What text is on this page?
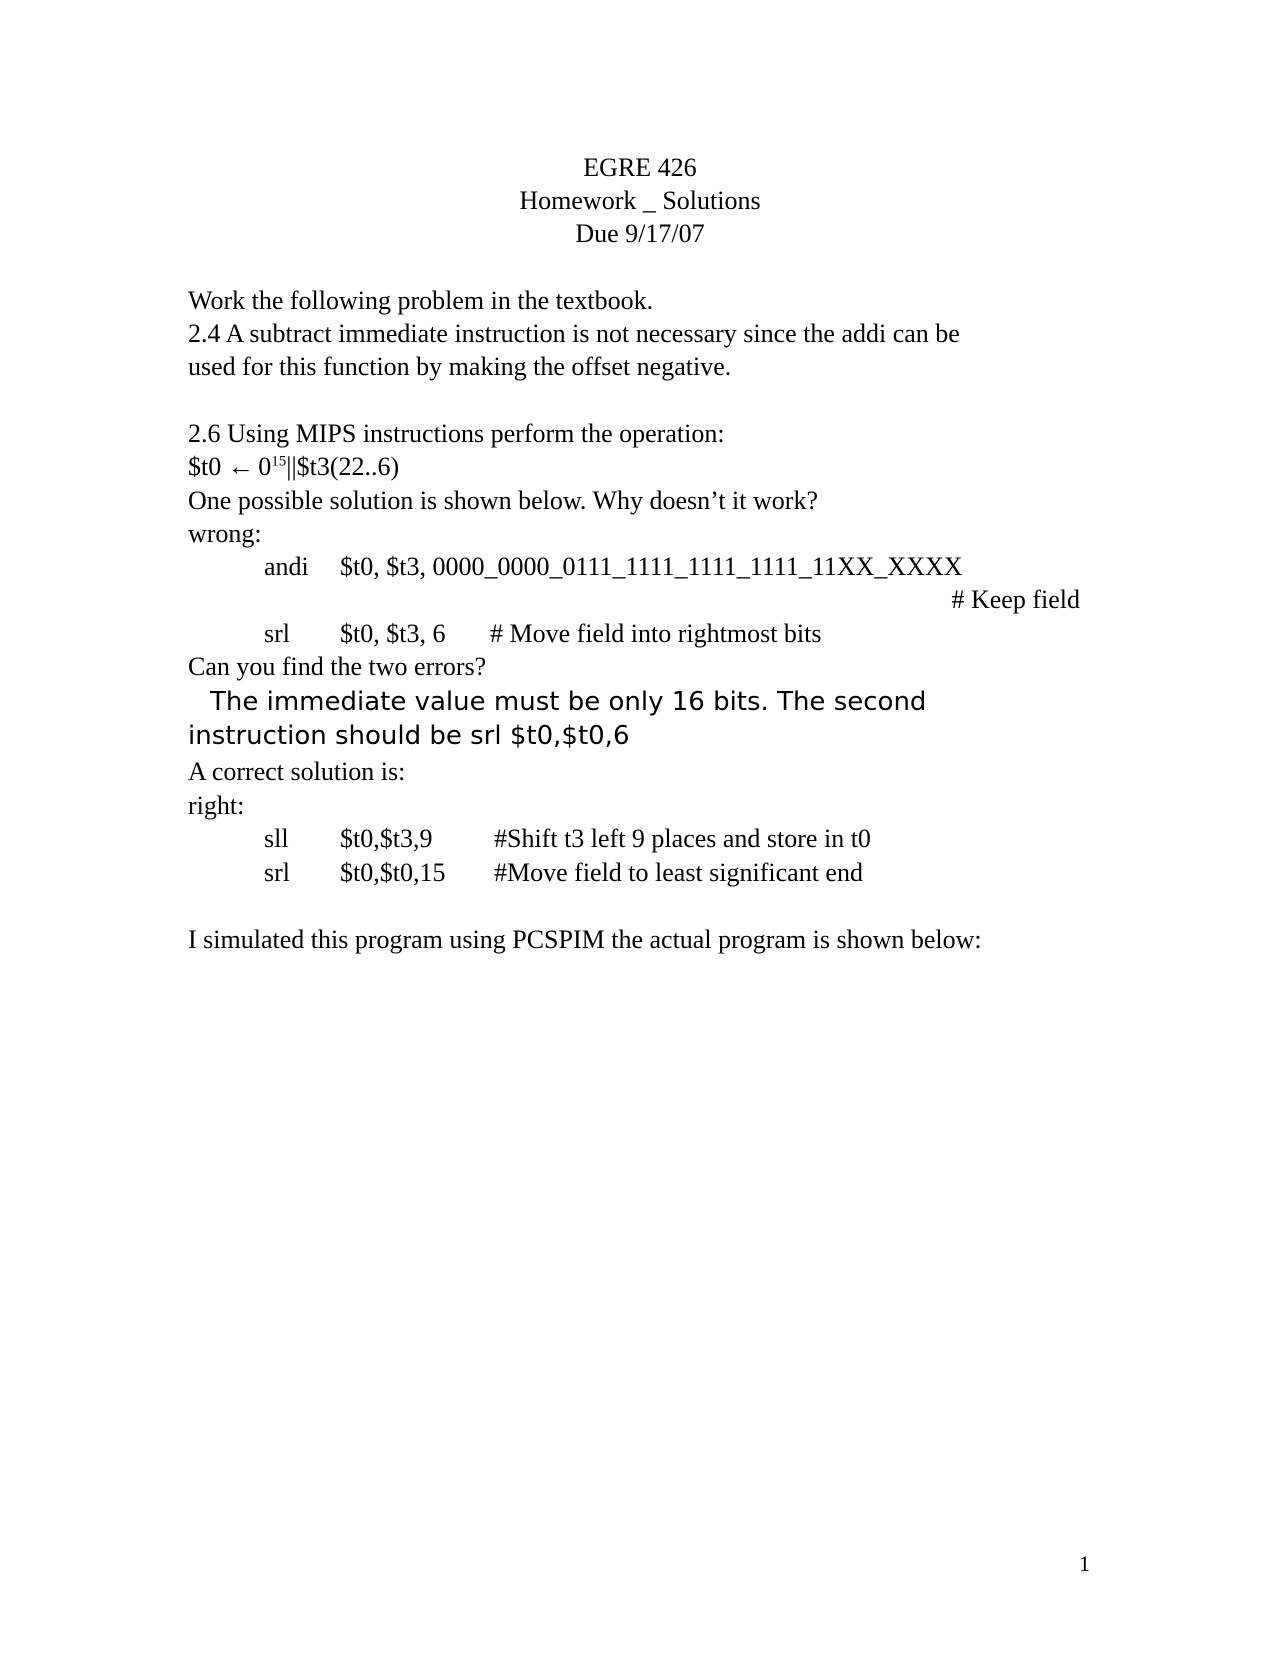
EGRE 426
Homework _ Solutions
Due 9/17/07
Work the following problem in the textbook.
2.4 A subtract immediate instruction is not necessary since the addi can be
used for this function by making the offset negative.
2.6 Using MIPS instructions perform the operation:
$t0 ← $0^{15}||\$t3(22..6)$
One possible solution is shown below. Why doesn’t it work?
wrong:
andi $t0, $t3, 0000_0000_0111_1111_1111_1111_11XX_XXXX
# Keep field
srl $t0, $t3, 6 # Move field into rightmost bits
Can you find the two errors?
The immediate value must be only 16 bits. The second
instruction should be srl $t0,$t0,6
A correct solution is:
right:
sll $t0,$t3,9 #Shift t3 left 9 places and store in t0
srl $t0,$t0,15 #Move field to least significant end
I simulated this program using PCSPIM the actual program is shown below:
1
